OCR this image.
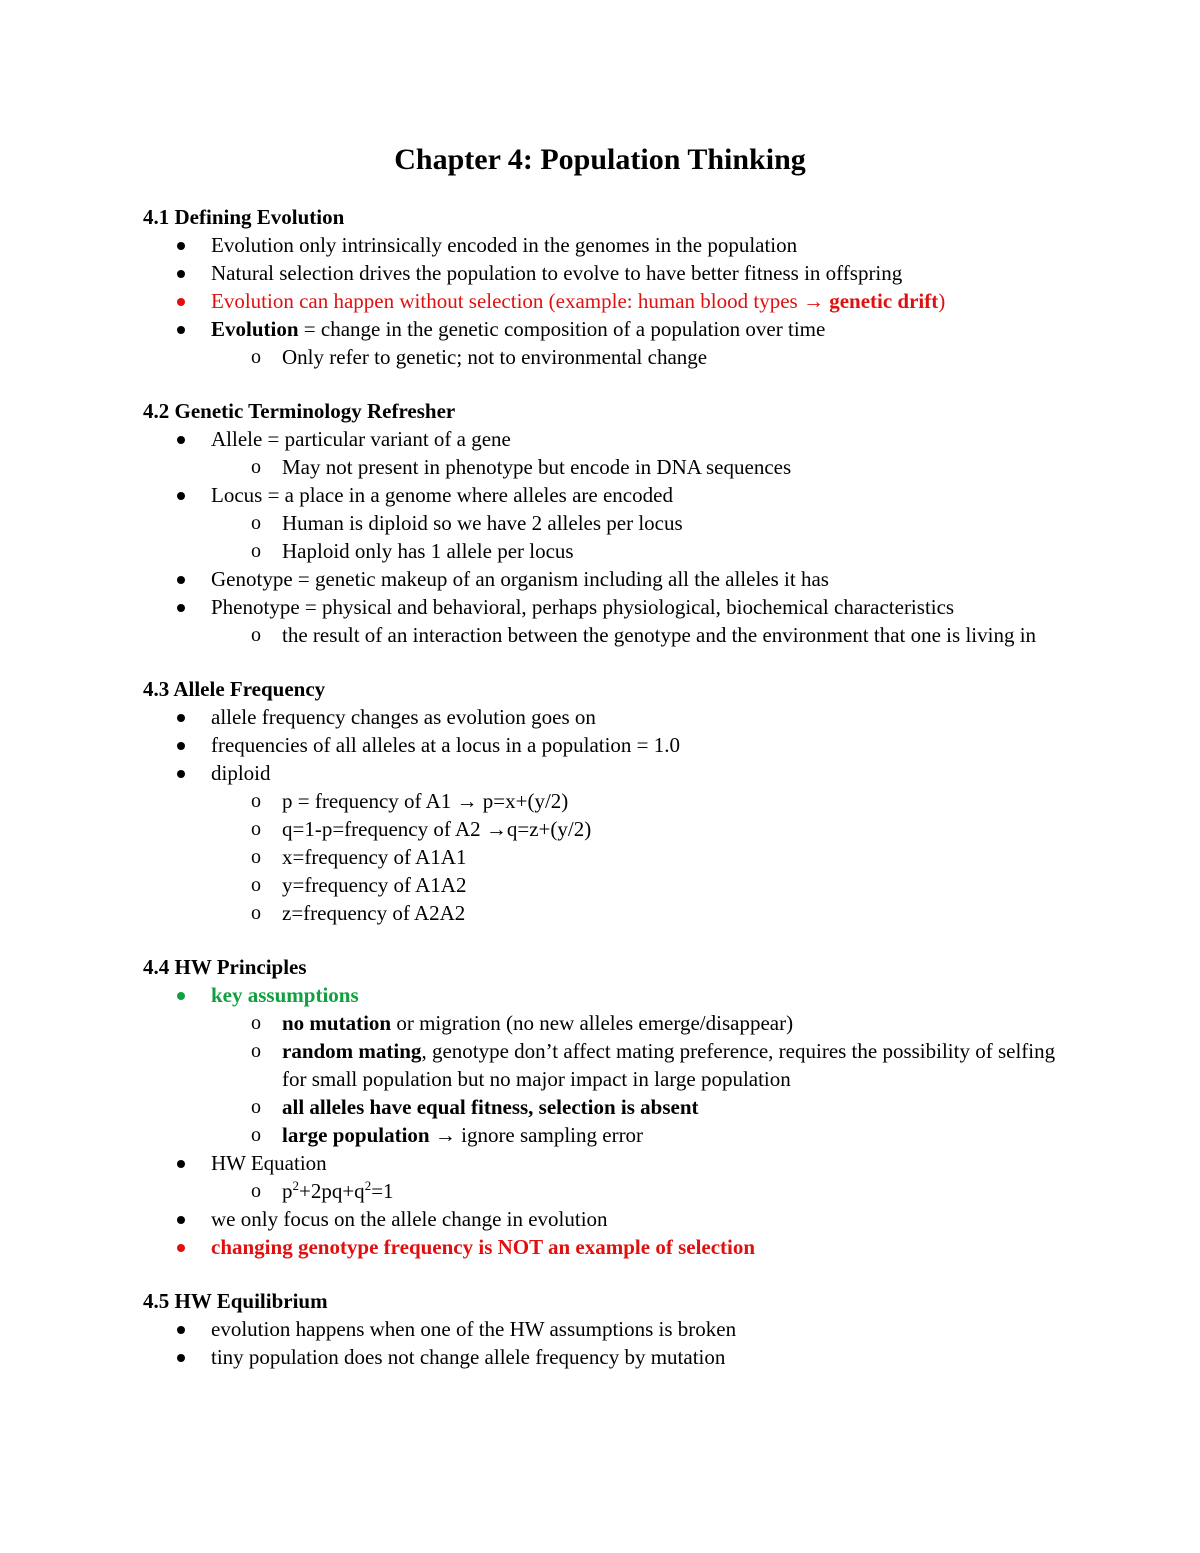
Chapter 4: Population Thinking
4.1 Defining Evolution
Evolution only intrinsically encoded in the genomes in the population
Natural selection drives the population to evolve to have better fitness in offspring
Evolution can happen without selection (example: human blood types → genetic drift)
Evolution = change in the genetic composition of a population over time
o Only refer to genetic; not to environmental change
4.2 Genetic Terminology Refresher
Allele = particular variant of a gene
o May not present in phenotype but encode in DNA sequences
Locus = a place in a genome where alleles are encoded
o Human is diploid so we have 2 alleles per locus
o Haploid only has 1 allele per locus
Genotype = genetic makeup of an organism including all the alleles it has
Phenotype = physical and behavioral, perhaps physiological, biochemical characteristics
o the result of an interaction between the genotype and the environment that one is living in
4.3 Allele Frequency
allele frequency changes as evolution goes on
frequencies of all alleles at a locus in a population = 1.0
diploid
o p = frequency of A1 → p=x+(y/2)
o q=1-p=frequency of A2 →q=z+(y/2)
o x=frequency of A1A1
o y=frequency of A1A2
o z=frequency of A2A2
4.4 HW Principles
key assumptions
o no mutation or migration (no new alleles emerge/disappear)
o random mating, genotype don’t affect mating preference, requires the possibility of selfing for small population but no major impact in large population
o all alleles have equal fitness, selection is absent
o large population → ignore sampling error
HW Equation
o $p^2+2pq+q^2=1$
we only focus on the allele change in evolution
changing genotype frequency is NOT an example of selection
4.5 HW Equilibrium
evolution happens when one of the HW assumptions is broken
tiny population does not change allele frequency by mutation
